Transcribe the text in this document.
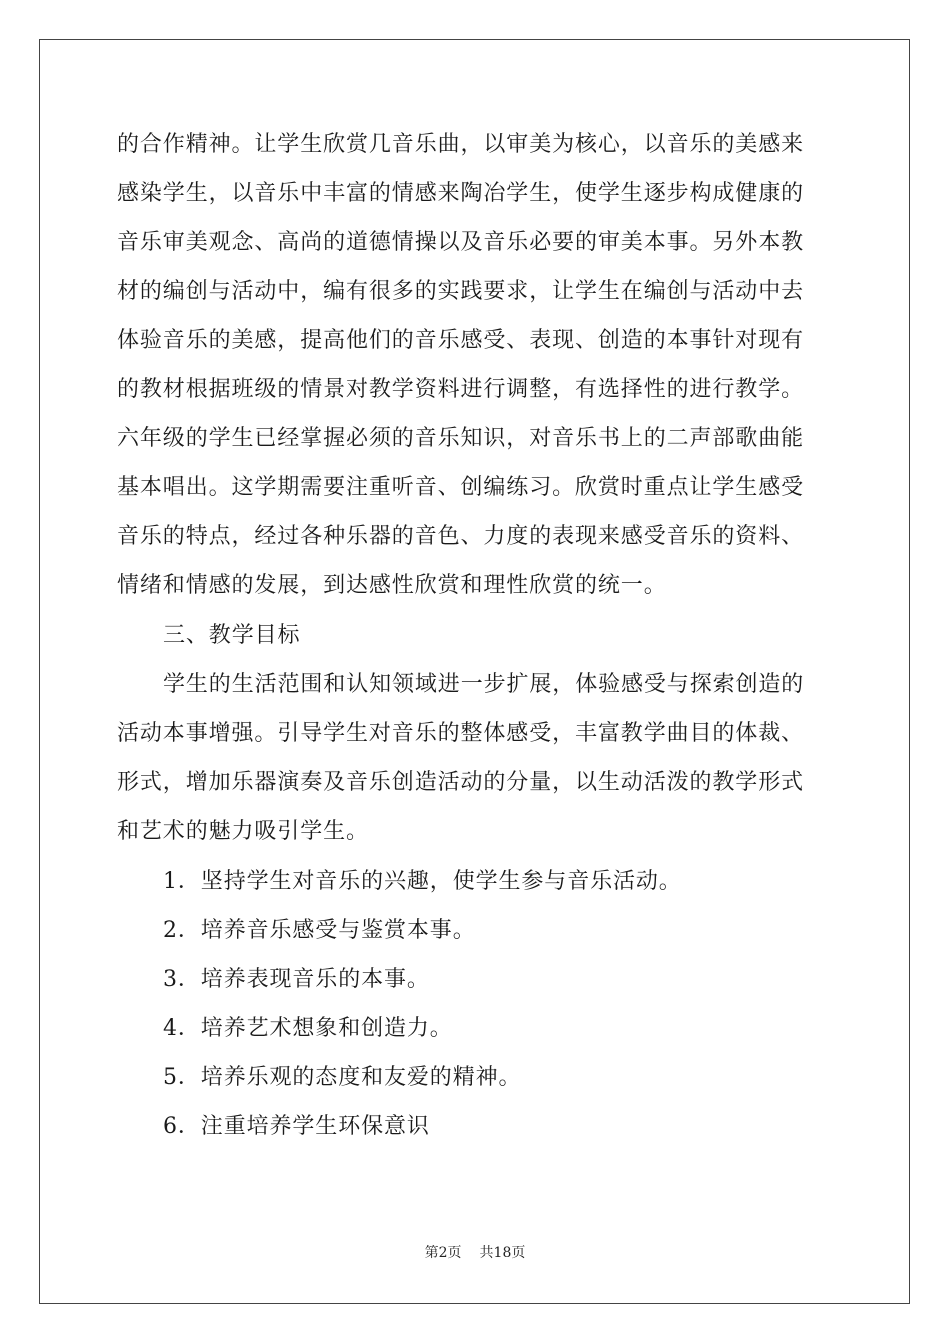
的合作精神。让学生欣赏几音乐曲，以审美为核心，以音乐的美感来
感染学生，以音乐中丰富的情感来陶冶学生，使学生逐步构成健康的
音乐审美观念、高尚的道德情操以及音乐必要的审美本事。另外本教
材的编创与活动中，编有很多的实践要求，让学生在编创与活动中去
体验音乐的美感，提高他们的音乐感受、表现、创造的本事针对现有
的教材根据班级的情景对教学资料进行调整，有选择性的进行教学。
六年级的学生已经掌握必须的音乐知识，对音乐书上的二声部歌曲能
基本唱出。这学期需要注重听音、创编练习。欣赏时重点让学生感受
音乐的特点，经过各种乐器的音色、力度的表现来感受音乐的资料、
情绪和情感的发展，到达感性欣赏和理性欣赏的统一。
三、教学目标
学生的生活范围和认知领域进一步扩展，体验感受与探索创造的
活动本事增强。引导学生对音乐的整体感受，丰富教学曲目的体裁、
形式，增加乐器演奏及音乐创造活动的分量，以生动活泼的教学形式
和艺术的魅力吸引学生。
1．坚持学生对音乐的兴趣，使学生参与音乐活动。
2．培养音乐感受与鉴赏本事。
3．培养表现音乐的本事。
4．培养艺术想象和创造力。
5．培养乐观的态度和友爱的精神。
6．注重培养学生环保意识
第2页 共18页
